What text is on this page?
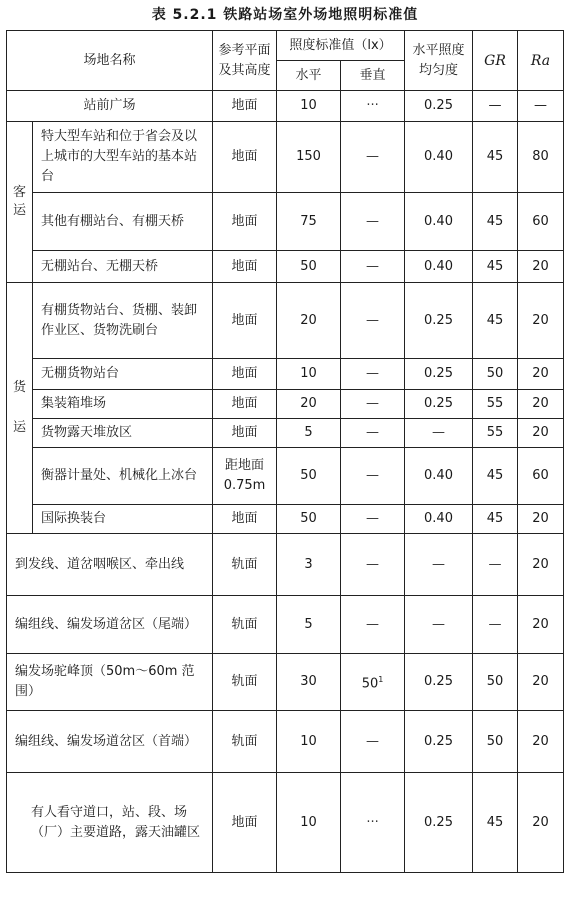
表 5.2.1 铁路站场室外场地照明标准值
场地名称		参考平面及其高度	照度标准值（lx）		水平照度均匀度	GR	Ra
			水平	垂直			
站前广场		地面	10	···	0.25	—	—

客
运	特大型车站和位于省会及以上城市的大型车站的基本站台	地面	150	—	0.40	45	80
	其他有棚站台、有棚天桥	地面	75	—	0.40	45	60
	无棚站台、无棚天桥	地面	50	—	0.40	45	20

货
运	有棚货物站台、货棚、装卸作业区、货物洗刷台	地面	20	—	0.25	45	20
	无棚货物站台	地面	10	—	0.25	50	20
	集装箱堆场	地面	20	—	0.25	55	20
	货物露天堆放区	地面	5	—	—	55	20
	衡器计量处、机械化上冰台	距地面0.75m	50	—	0.40	45	60
	国际换装台	地面	50	—	0.40	45	20
到发线、道岔咽喉区、牵出线		轨面	3	—	—	—	20
编组线、编发场道岔区（尾端）		轨面	5	—	—	—	20
编发场驼峰顶（50m～60m 范围）		轨面	30	$50^1$	0.25	50	20
编组线、编发场道岔区（首端）		轨面	10	—	0.25	50	20
有人看守道口，站、段、场（厂）主要道路，露天油罐区		地面	10	···	0.25	45	20
